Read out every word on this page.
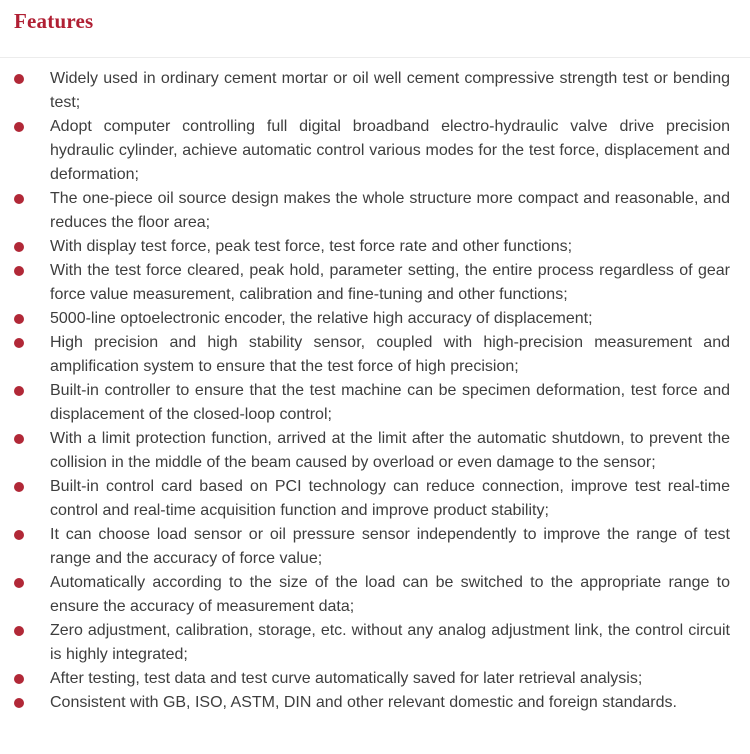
Features
Widely used in ordinary cement mortar or oil well cement compressive strength test or bending test;
Adopt computer controlling full digital broadband electro-hydraulic valve drive precision hydraulic cylinder, achieve automatic control various modes for the test force, displacement and deformation;
The one-piece oil source design makes the whole structure more compact and reasonable, and reduces the floor area;
With display test force, peak test force, test force rate and other functions;
With the test force cleared, peak hold, parameter setting, the entire process regardless of gear force value measurement, calibration and fine-tuning and other functions;
5000-line optoelectronic encoder, the relative high accuracy of displacement;
High precision and high stability sensor, coupled with high-precision measurement and amplification system to ensure that the test force of high precision;
Built-in controller to ensure that the test machine can be specimen deformation, test force and displacement of the closed-loop control;
With a limit protection function, arrived at the limit after the automatic shutdown, to prevent the collision in the middle of the beam caused by overload or even damage to the sensor;
Built-in control card based on PCI technology can reduce connection, improve test real-time control and real-time acquisition function and improve product stability;
It can choose load sensor or oil pressure sensor independently to improve the range of test range and the accuracy of force value;
Automatically according to the size of the load can be switched to the appropriate range to ensure the accuracy of measurement data;
Zero adjustment, calibration, storage, etc. without any analog adjustment link, the control circuit is highly integrated;
After testing, test data and test curve automatically saved for later retrieval analysis;
Consistent with GB, ISO, ASTM, DIN and other relevant domestic and foreign standards.
